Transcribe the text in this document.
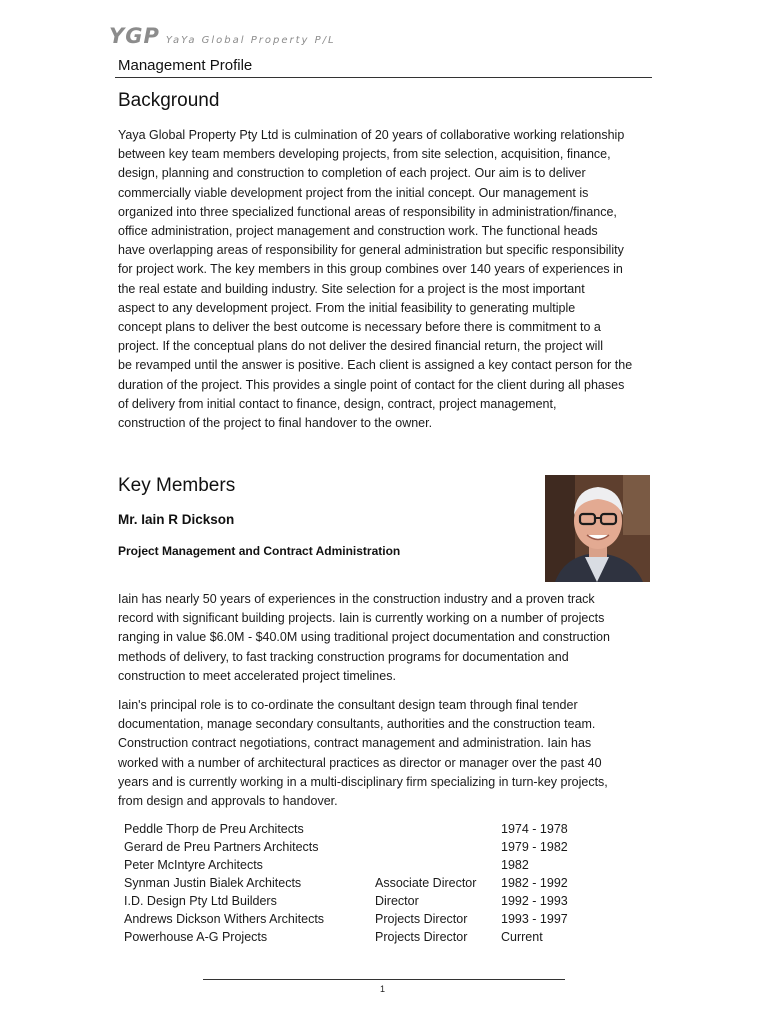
YGP YaYa Global Property P/L
Management Profile
Background

Yaya Global Property Pty Ltd is culmination of 20 years of collaborative working relationship
between key team members developing projects, from site selection, acquisition, finance,
design, planning and construction to completion of each project. Our aim is to deliver
commercially viable development project from the initial concept. Our management is
organized into three specialized functional areas of responsibility in administration/finance,
office administration, project management and construction work. The functional heads
have overlapping areas of responsibility for general administration but specific responsibility
for project work. The key members in this group combines over 140 years of experiences in
the real estate and building industry. Site selection for a project is the most important
aspect to any development project. From the initial feasibility to generating multiple
concept plans to deliver the best outcome is necessary before there is commitment to a
project. If the conceptual plans do not deliver the desired financial return, the project will
be revamped until the answer is positive. Each client is assigned a key contact person for the
duration of the project. This provides a single point of contact for the client during all phases
of delivery from initial contact to finance, design, contract, project management,
construction of the project to final handover to the owner.

Key Members
Mr. Iain R Dickson
Project Management and Contract Administration

Iain has nearly 50 years of experiences in the construction industry and a proven track
record with significant building projects. Iain is currently working on a number of projects
ranging in value $6.0M - $40.0M using traditional project documentation and construction
methods of delivery, to fast tracking construction programs for documentation and
construction to meet accelerated project timelines.

Iain's principal role is to co-ordinate the consultant design team through final tender
documentation, manage secondary consultants, authorities and the construction team.
Construction contract negotiations, contract management and administration. Iain has
worked with a number of architectural practices as director or manager over the past 40
years and is currently working in a multi-disciplinary firm specializing in turn-key projects,
from design and approvals to handover.

Peddle Thorp de Preu Architects		1974 - 1978
Gerard de Preu Partners Architects		1979 - 1982
Peter McIntyre Architects		1982
Synman Justin Bialek Architects	Associate Director	1982 - 1992
I.D. Design Pty Ltd Builders	Director	1992 - 1993
Andrews Dickson Withers Architects	Projects Director	1993 - 1997
Powerhouse A-G Projects	Projects Director	Current
1
